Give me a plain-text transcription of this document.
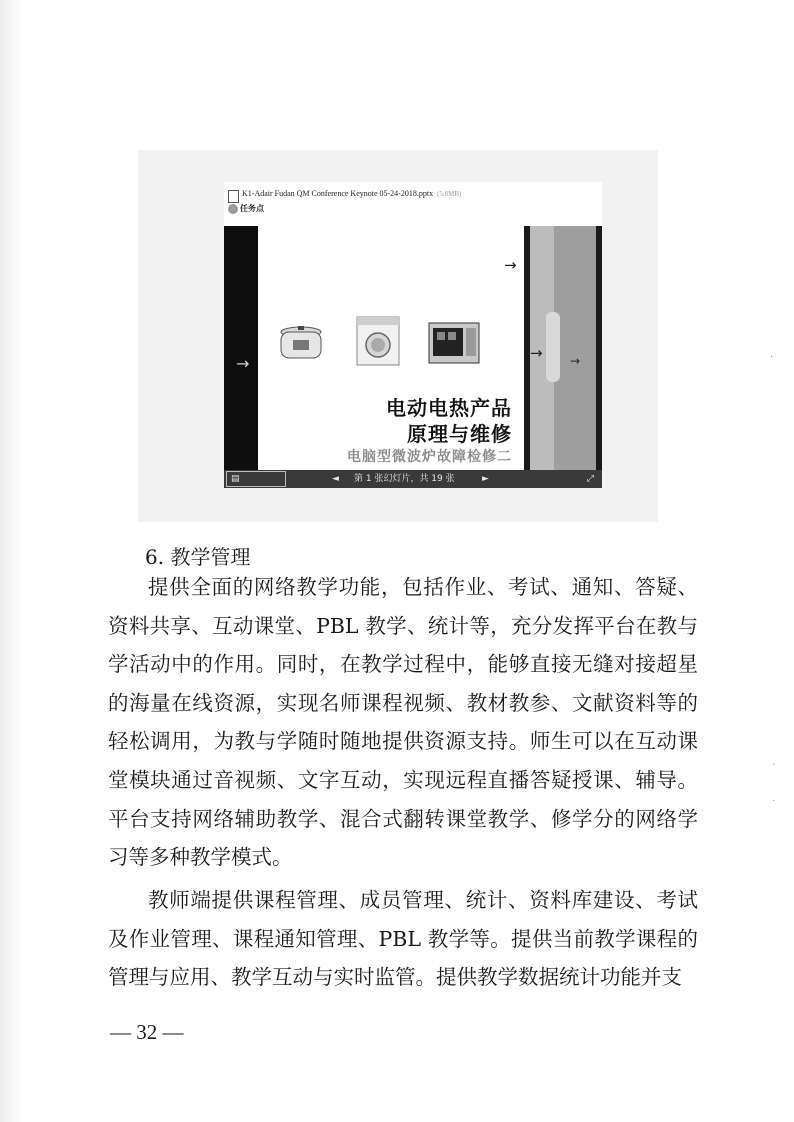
·
·
·
K1-Adair Fudan QM Conference Keynote 05-24-2018.pptx (5.8MB)
任务点
→
电动电热产品
原理与维修
电脑型微波炉故障检修二
→
→ →
▤	◄ 第 1 张幻灯片，共 19 张	►	⤢
6. 教学管理
提供全面的网络教学功能，包括作业、考试、通知、答疑、资料共享、互动课堂、PBL 教学、统计等，充分发挥平台在教与学活动中的作用。同时，在教学过程中，能够直接无缝对接超星的海量在线资源，实现名师课程视频、教材教参、文献资料等的轻松调用，为教与学随时随地提供资源支持。师生可以在互动课堂模块通过音视频、文字互动，实现远程直播答疑授课、辅导。平台支持网络辅助教学、混合式翻转课堂教学、修学分的网络学习等多种教学模式。
教师端提供课程管理、成员管理、统计、资料库建设、考试及作业管理、课程通知管理、PBL 教学等。提供当前教学课程的管理与应用、教学互动与实时监管。提供教学数据统计功能并支
— 32 —
